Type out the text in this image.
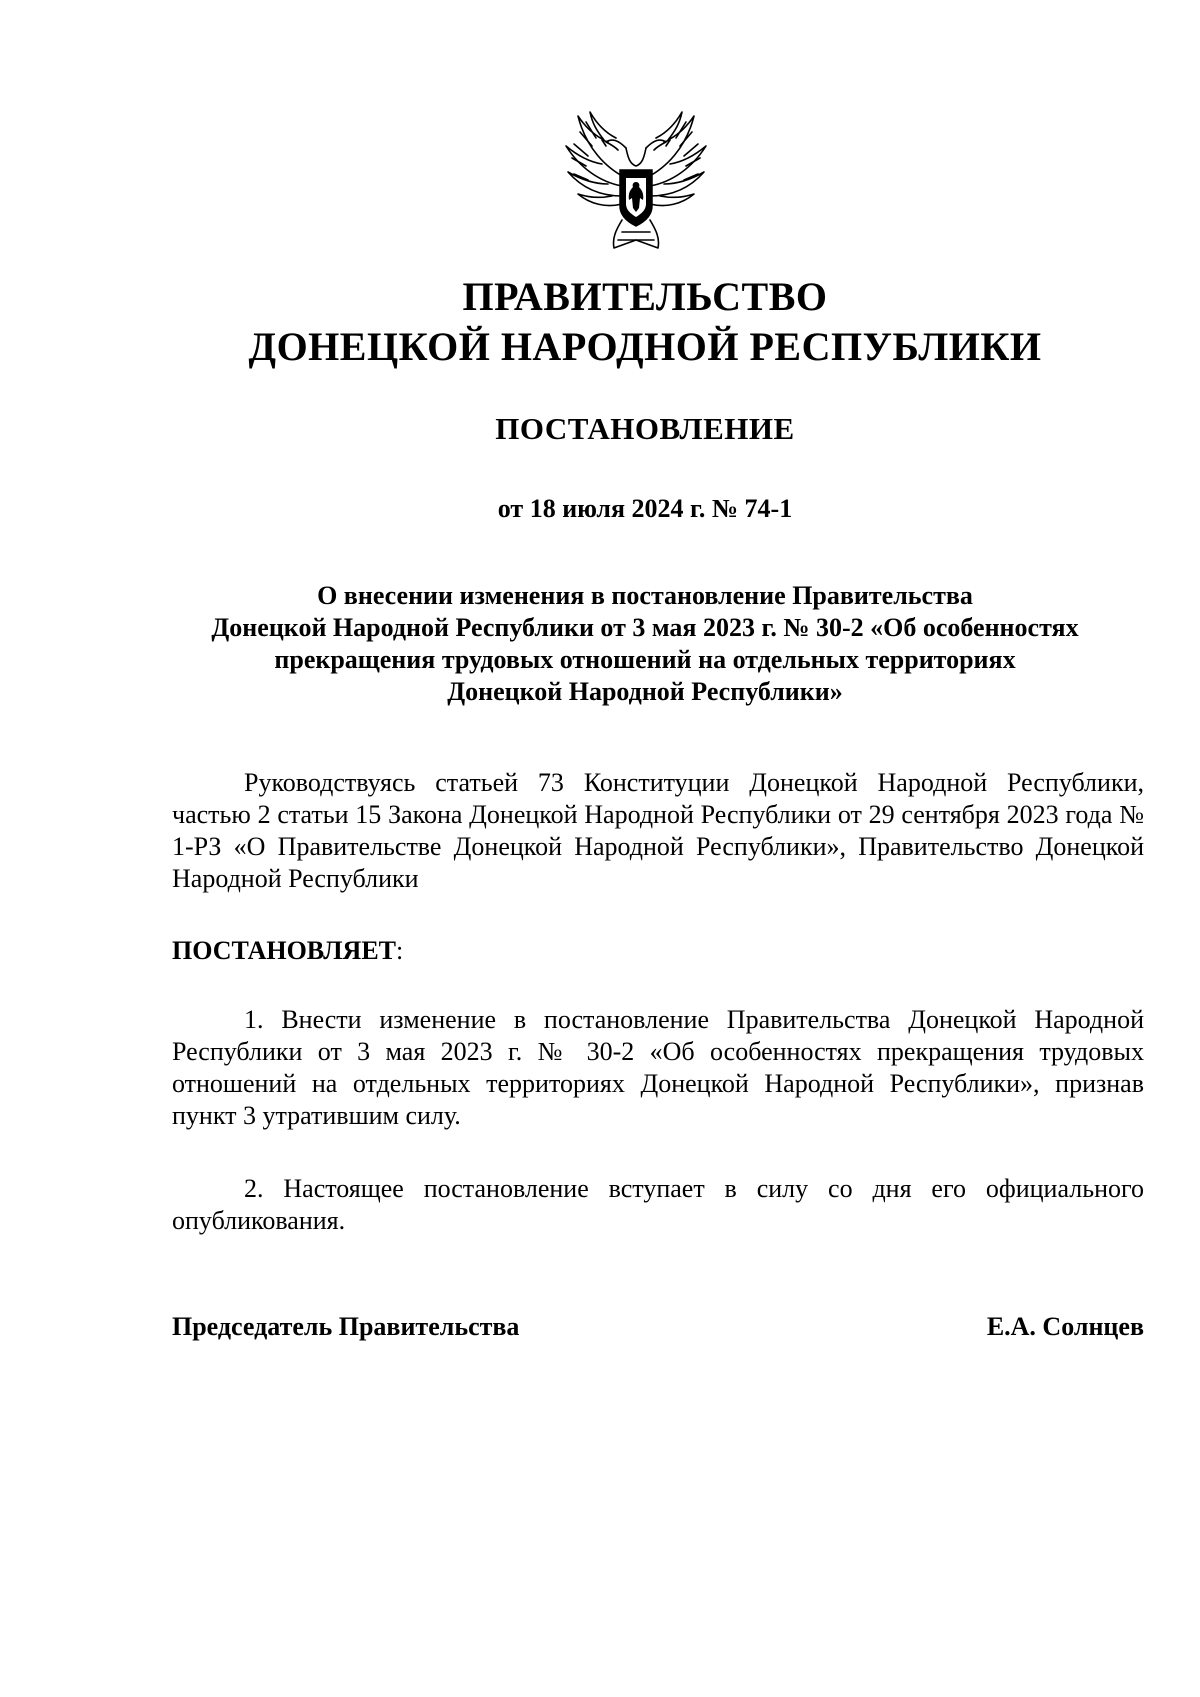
ПРАВИТЕЛЬСТВО
ДОНЕЦКОЙ НАРОДНОЙ РЕСПУБЛИКИ
ПОСТАНОВЛЕНИЕ
от 18 июля 2024 г. № 74-1
О внесении изменения в постановление Правительства
Донецкой Народной Республики от 3 мая 2023 г. № 30-2 «Об особенностях
прекращения трудовых отношений на отдельных территориях
Донецкой Народной Республики»

Руководствуясь статьей 73 Конституции Донецкой Народной Республики, частью 2 статьи 15 Закона Донецкой Народной Республики от 29 сентября 2023 года № 1-РЗ «О Правительстве Донецкой Народной Республики», Правительство Донецкой Народной Республики

ПОСТАНОВЛЯЕТ:

1. Внести изменение в постановление Правительства Донецкой Народной Республики от 3 мая 2023 г. № 30-2 «Об особенностях прекращения трудовых отношений на отдельных территориях Донецкой Народной Республики», признав пункт 3 утратившим силу.

2. Настоящее постановление вступает в силу со дня его официального опубликования.

Председатель Правительства	Е.А. Солнцев
